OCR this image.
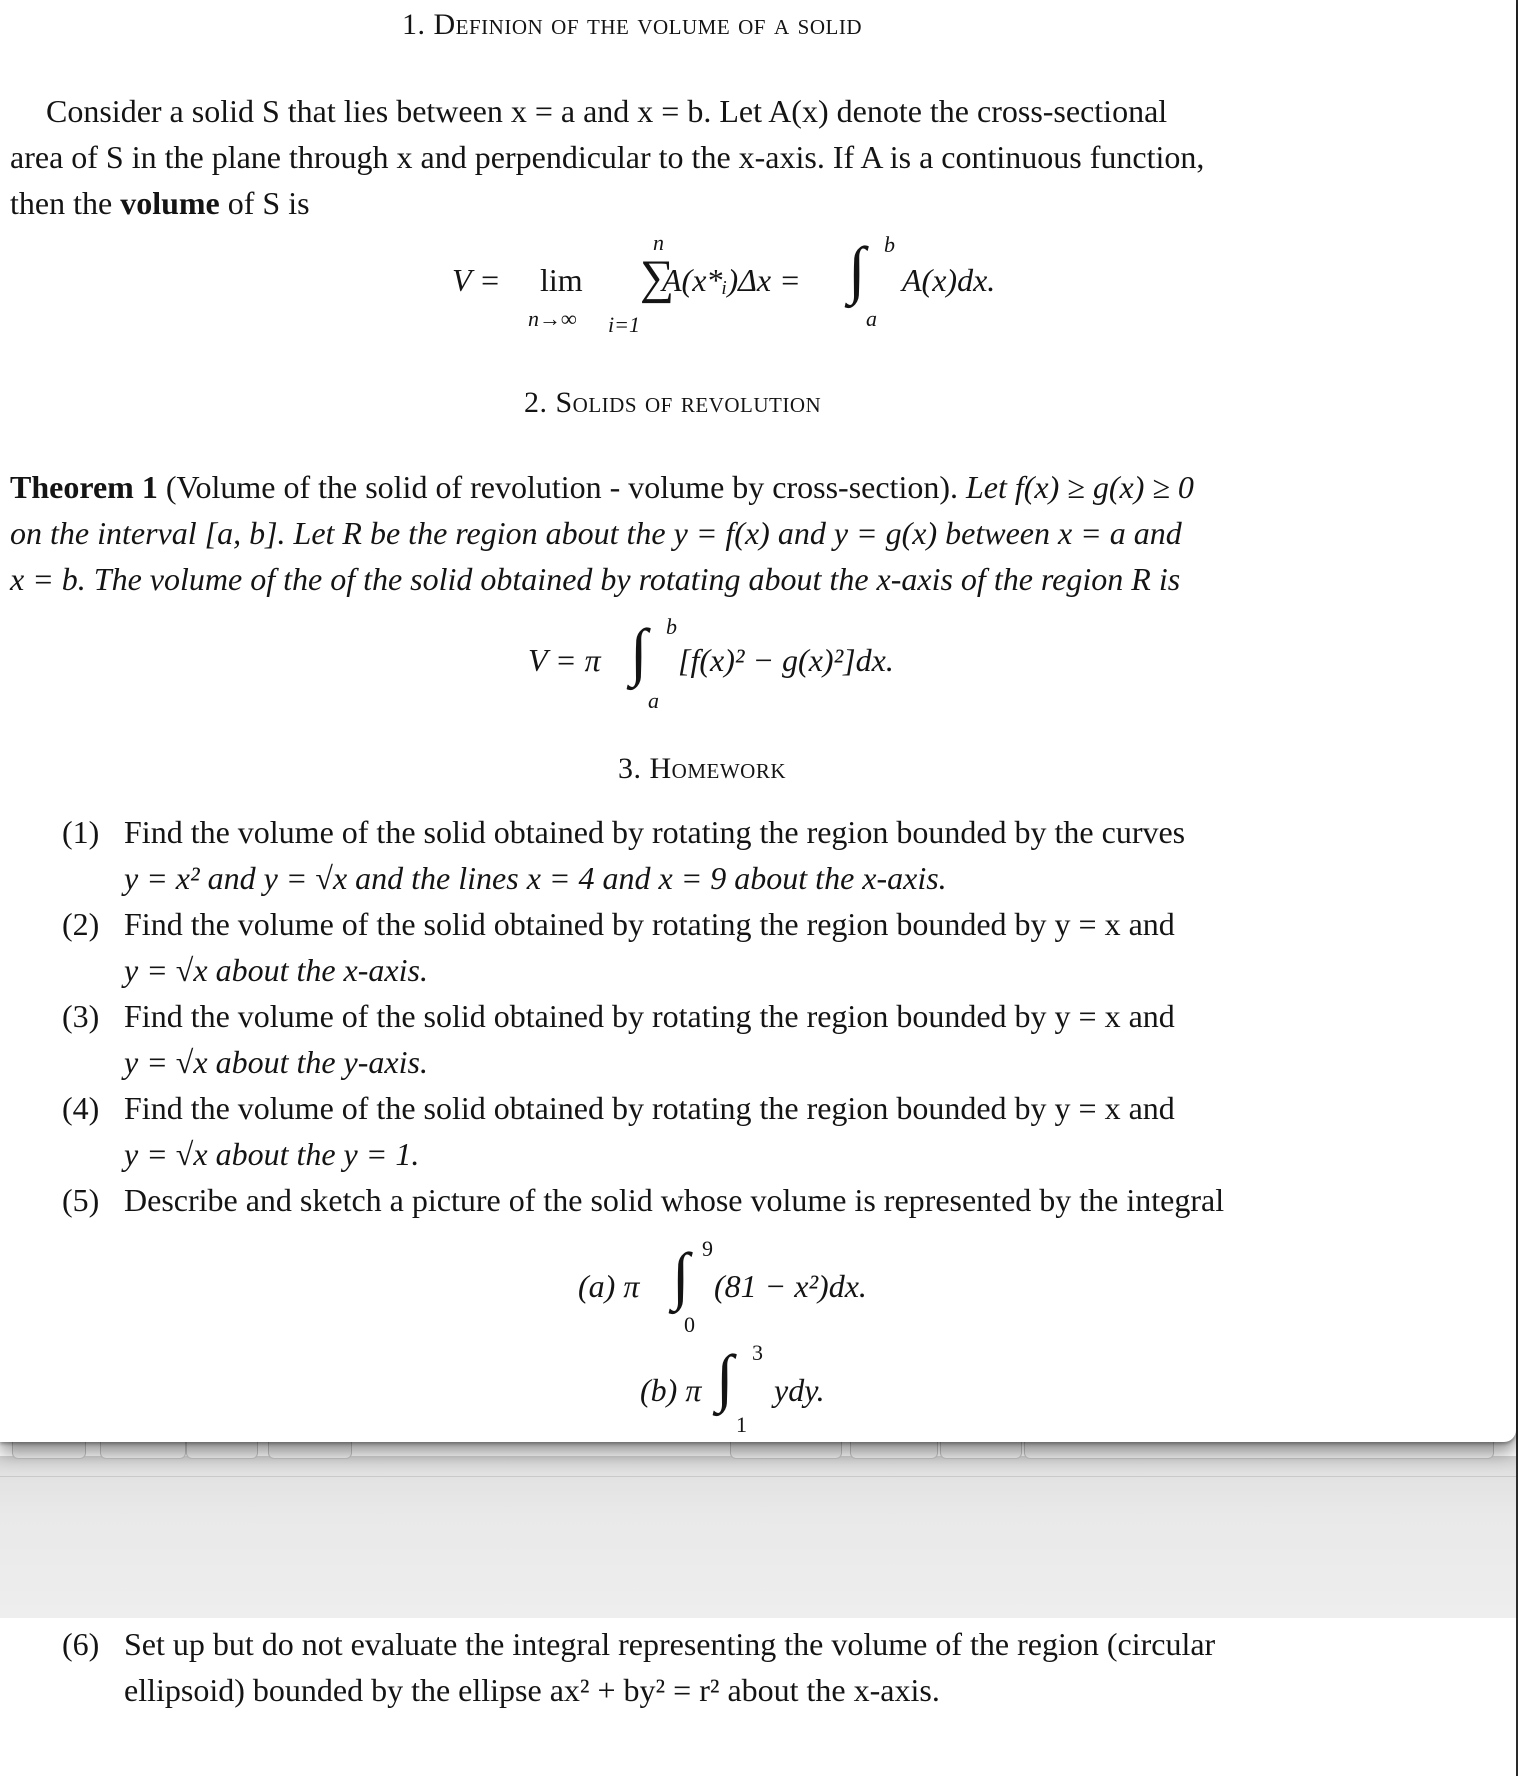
1. Definion of the volume of a solid
Consider a solid S that lies between x = a and x = b. Let A(x) denote the cross-sectional
area of S in the plane through x and perpendicular to the x-axis. If A is a continuous function,
then the volume of S is
V = lim
n→∞
n
∑
i=1
A(x*ᵢ)Δx = ∫ b
a
A(x)dx.
2. Solids of revolution
Theorem 1 (Volume of the solid of revolution - volume by cross-section). Let f(x) ≥ g(x) ≥ 0
on the interval [a, b]. Let R be the region about the y = f(x) and y = g(x) between x = a and
x = b. The volume of the of the solid obtained by rotating about the x-axis of the region R is
V = π ∫ b
a
[f(x)² − g(x)²]dx.
3. Homework
(1) Find the volume of the solid obtained by rotating the region bounded by the curves
y = x² and y = √x and the lines x = 4 and x = 9 about the x-axis.
(2) Find the volume of the solid obtained by rotating the region bounded by y = x and
y = √x about the x-axis.
(3) Find the volume of the solid obtained by rotating the region bounded by y = x and
y = √x about the y-axis.
(4) Find the volume of the solid obtained by rotating the region bounded by y = x and
y = √x about the y = 1.
(5) Describe and sketch a picture of the solid whose volume is represented by the integral
(a) π ∫ 9
0
(81 − x²)dx.
(b) π ∫ 3
1
ydy.
(6) Set up but do not evaluate the integral representing the volume of the region (circular
ellipsoid) bounded by the ellipse ax² + by² = r² about the x-axis.
